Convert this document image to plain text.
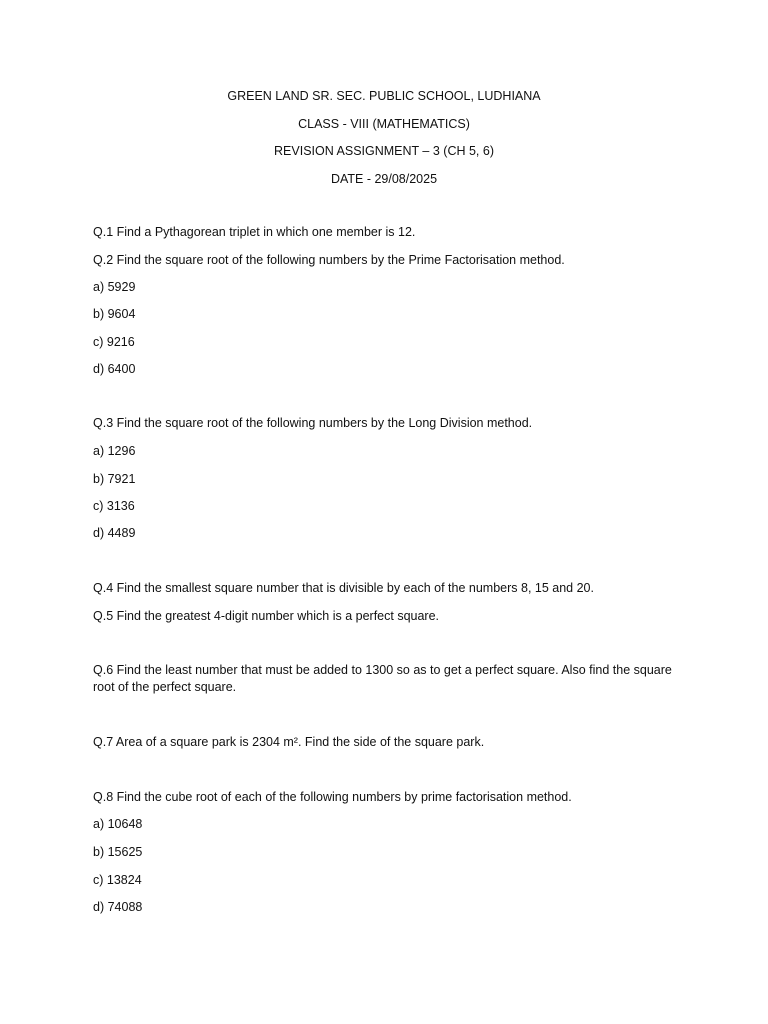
GREEN LAND SR. SEC. PUBLIC SCHOOL, LUDHIANA
CLASS - VIII (MATHEMATICS)
REVISION ASSIGNMENT – 3 (CH 5, 6)
DATE - 29/08/2025
Q.1 Find a Pythagorean triplet in which one member is 12.
Q.2 Find the square root of the following numbers by the Prime Factorisation method.
a) 5929
b) 9604
c) 9216
d) 6400
Q.3 Find the square root of the following numbers by the Long Division method.
a) 1296
b) 7921
c) 3136
d) 4489
Q.4 Find the smallest square number that is divisible by each of the numbers 8, 15 and 20.
Q.5 Find the greatest 4-digit number which is a perfect square.
Q.6 Find the least number that must be added to 1300 so as to get a perfect square. Also find the square root of the perfect square.
Q.7 Area of a square park is 2304 m². Find the side of the square park.
Q.8 Find the cube root of each of the following numbers by prime factorisation method.
a) 10648
b) 15625
c) 13824
d) 74088
